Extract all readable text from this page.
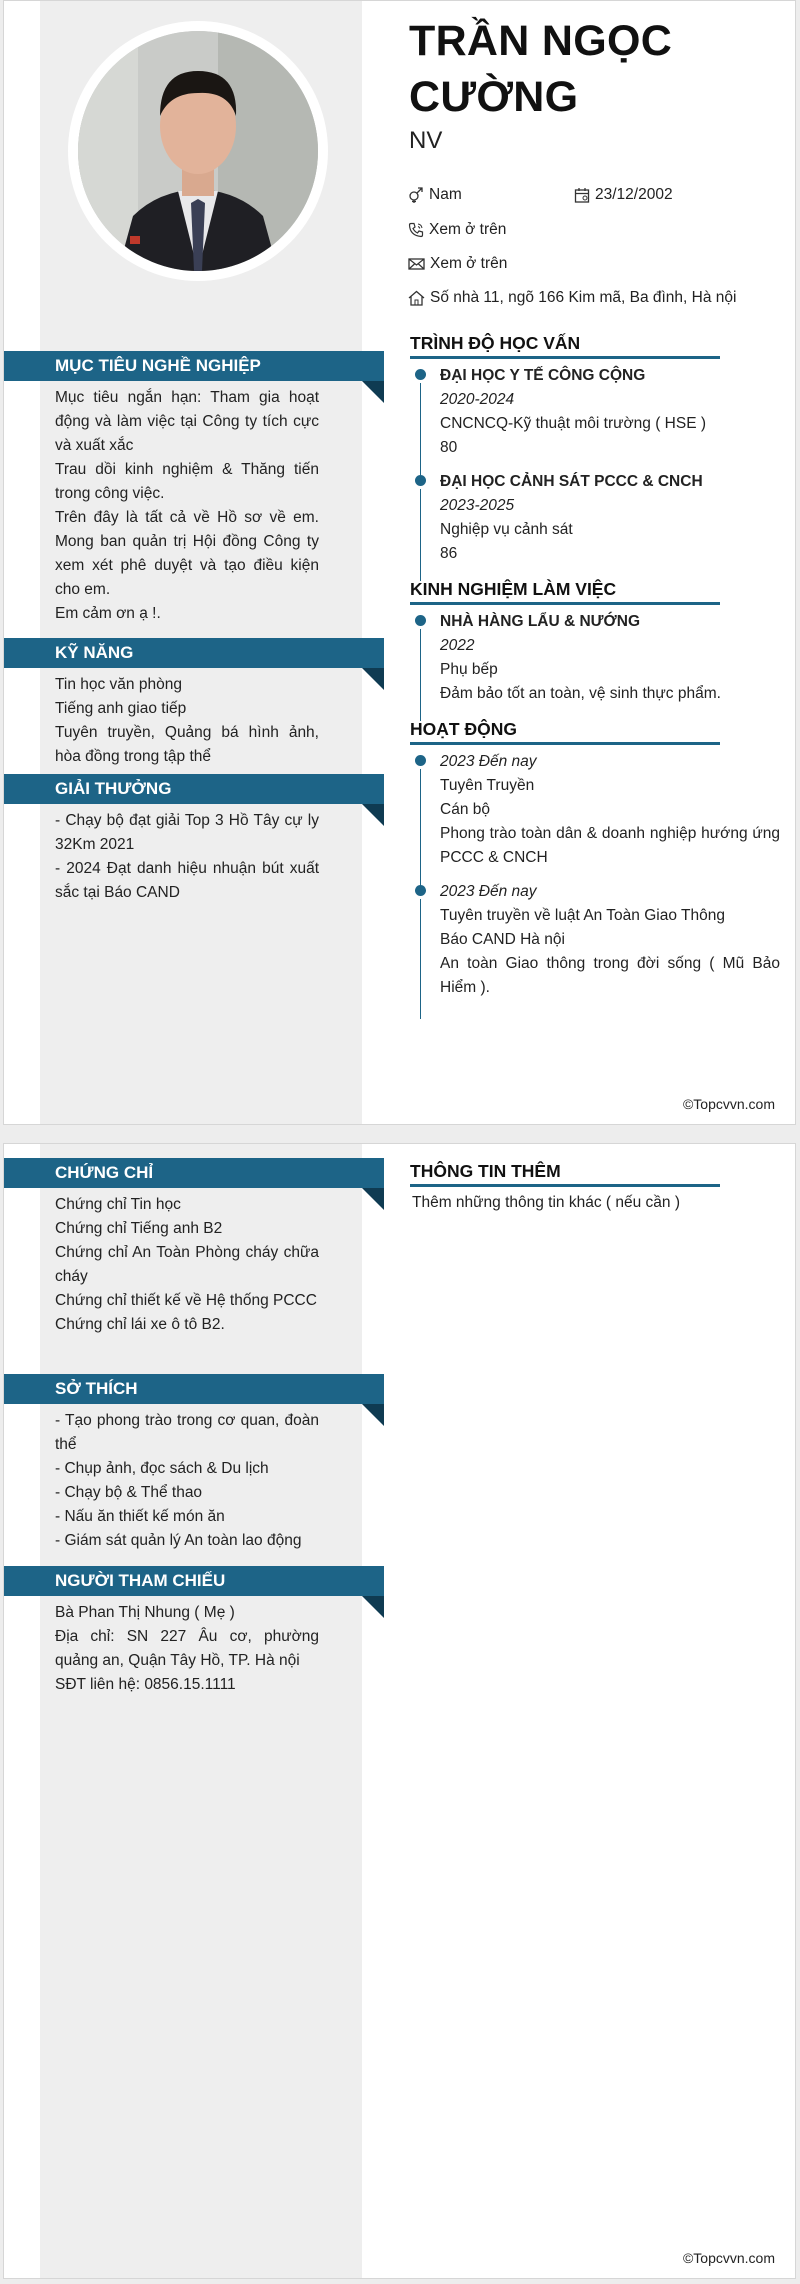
TRẦN NGỌC CƯỜNG
NV
Nam	23/12/2002
Xem ở trên
Xem ở trên
Số nhà 11, ngõ 166 Kim mã, Ba đình, Hà nội
MỤC TIÊU NGHỀ NGHIỆP

Mục tiêu ngắn hạn: Tham gia hoạt động và làm việc tại Công ty tích cực và xuất xắc

Trau dồi kinh nghiệm & Thăng tiến trong công việc.

Trên đây là tất cả về Hồ sơ về em. Mong ban quản trị Hội đồng Công ty xem xét phê duyệt và tạo điều kiện cho em.

Em cảm ơn ạ !.

KỸ NĂNG

Tin học văn phòng

Tiếng anh giao tiếp

Tuyên truyền, Quảng bá hình ảnh, hòa đồng trong tập thể

GIẢI THƯỞNG

- Chạy bộ đạt giải Top 3 Hồ Tây cự ly 32Km 2021

- 2024 Đạt danh hiệu nhuận bút xuất sắc tại Báo CAND

TRÌNH ĐỘ HỌC VẤN
ĐẠI HỌC Y TẾ CÔNG CỘNG
2020-2024
CNCNCQ-Kỹ thuật môi trường ( HSE )
80
ĐẠI HỌC CẢNH SÁT PCCC & CNCH
2023-2025
Nghiệp vụ cảnh sát
86
KINH NGHIỆM LÀM VIỆC
NHÀ HÀNG LẨU & NƯỚNG
2022
Phụ bếp
Đảm bảo tốt an toàn, vệ sinh thực phẩm.
HOẠT ĐỘNG
2023 Đến nay
Tuyên Truyền
Cán bộ
Phong trào toàn dân & doanh nghiệp hướng ứng PCCC & CNCH
2023 Đến nay
Tuyên truyền về luật An Toàn Giao Thông
Báo CAND Hà nội
An toàn Giao thông trong đời sống ( Mũ Bảo Hiểm ).
©Topcvvn.com
CHỨNG CHỈ

Chứng chỉ Tin học

Chứng chỉ Tiếng anh B2

Chứng chỉ An Toàn Phòng cháy chữa cháy

Chứng chỉ thiết kế về Hệ thống PCCC

Chứng chỉ lái xe ô tô B2.

SỞ THÍCH

- Tạo phong trào trong cơ quan, đoàn thể

- Chụp ảnh, đọc sách & Du lịch

- Chạy bộ & Thể thao

- Nấu ăn thiết kế món ăn

- Giám sát quản lý An toàn lao động

NGƯỜI THAM CHIẾU

Bà Phan Thị Nhung ( Mẹ )

Địa chỉ: SN 227 Âu cơ, phường quảng an, Quận Tây Hồ, TP. Hà nội

SĐT liên hệ: 0856.15.1111

THÔNG TIN THÊM
Thêm những thông tin khác ( nếu cần )
©Topcvvn.com
